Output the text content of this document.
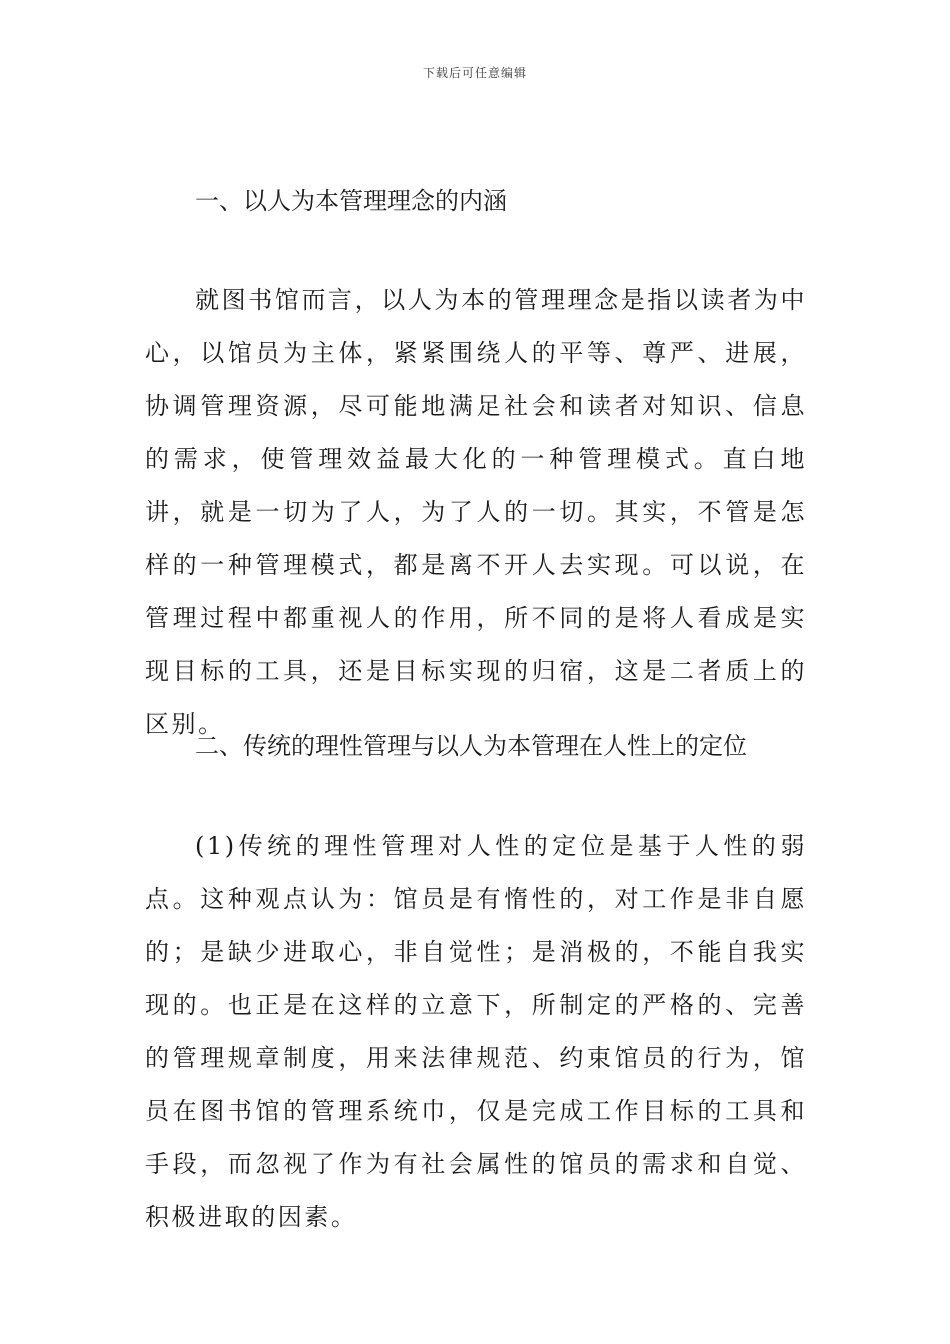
下载后可任意编辑
一、以人为本管理理念的内涵

就图书馆而言，以人为本的管理理念是指以读者为中心，以馆员为主体，紧紧围绕人的平等、尊严、进展，协调管理资源，尽可能地满足社会和读者对知识、信息的需求，使管理效益最大化的一种管理模式。直白地讲，就是一切为了人，为了人的一切。其实，不管是怎样的一种管理模式，都是离不开人去实现。可以说，在管理过程中都重视人的作用，所不同的是将人看成是实现目标的工具，还是目标实现的归宿，这是二者质上的区别。

二、传统的理性管理与以人为本管理在人性上的定位

(1)传统的理性管理对人性的定位是基于人性的弱点。这种观点认为：馆员是有惰性的，对工作是非自愿的；是缺少进取心，非自觉性；是消极的，不能自我实现的。也正是在这样的立意下，所制定的严格的、完善的管理规章制度，用来法律规范、约束馆员的行为，馆员在图书馆的管理系统巾，仅是完成工作目标的工具和手段，而忽视了作为有社会属性的馆员的需求和自觉、积极进取的因素。
